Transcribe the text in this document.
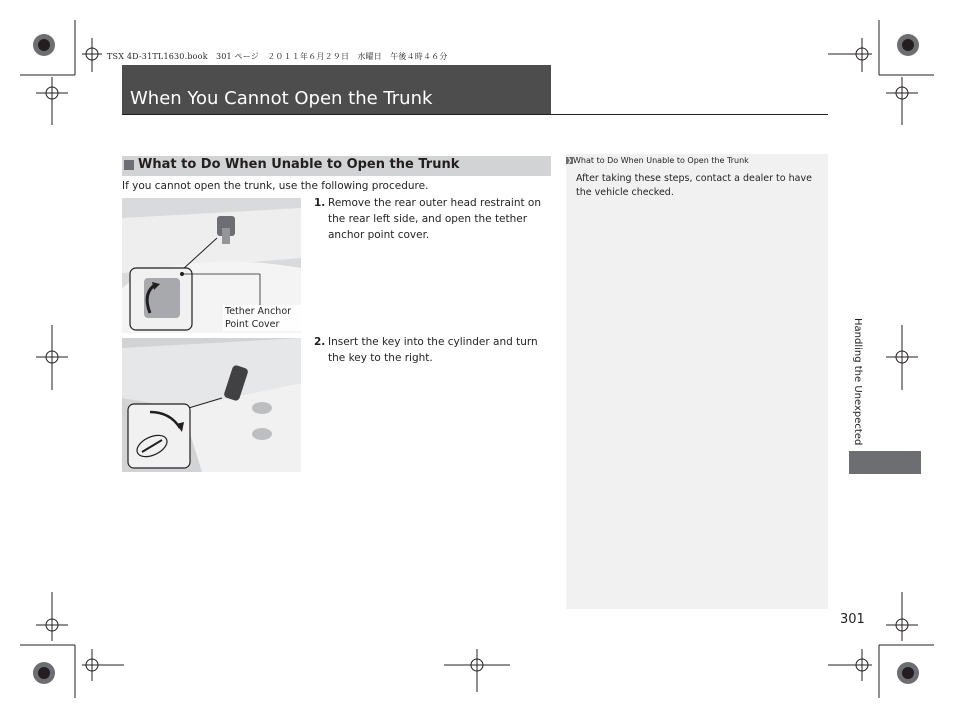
TSX 4D-31TL1630.book　301 ページ　２０１１年６月２９日　水曜日　午後４時４６分
When You Cannot Open the Trunk
What to Do When Unable to Open the Trunk
If you cannot open the trunk, use the following procedure.
Tether Anchor Point Cover
1. Remove the rear outer head restraint on the rear left side, and open the tether anchor point cover.
2. Insert the key into the cylinder and turn the key to the right.
❯What to Do When Unable to Open the Trunk
After taking these steps, contact a dealer to have the vehicle checked.
Handling the Unexpected
301
